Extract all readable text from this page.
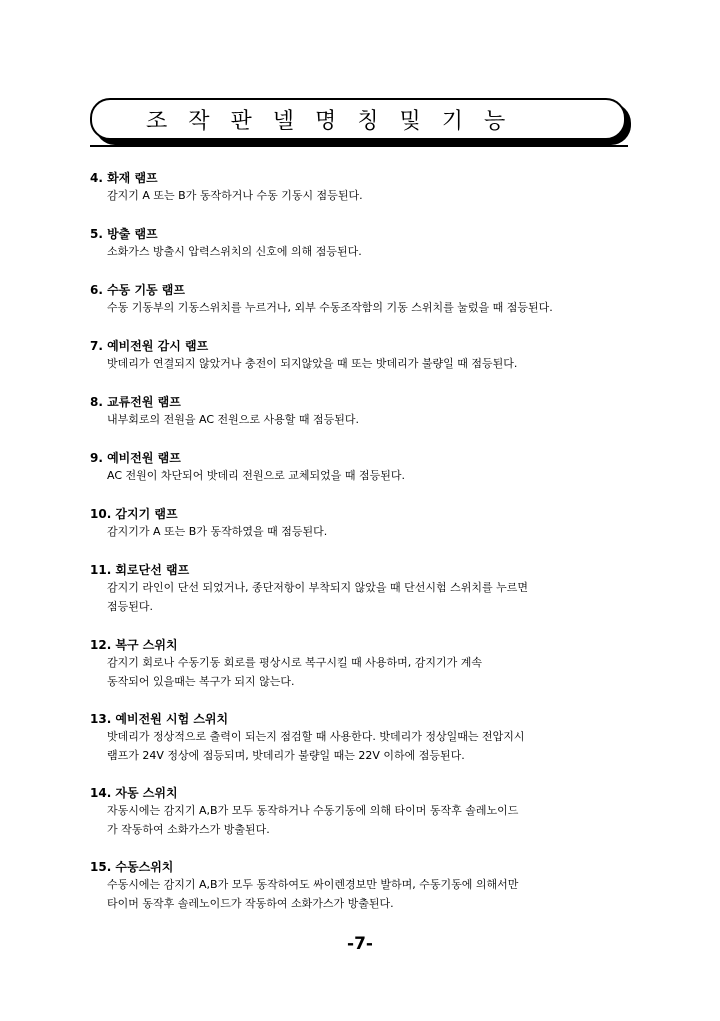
조 작 판 넬 명 칭 및 기 능
4. 화재 램프
감지기 A 또는 B가 동작하거나 수동 기동시 점등된다.
5. 방출 램프
소화가스 방출시 압력스위치의 신호에 의해 점등된다.
6. 수동 기동 램프
수동 기동부의 기동스위치를 누르거나, 외부 수동조작함의 기동 스위치를 눌렀을 때 점등된다.
7. 예비전원 감시 램프
밧데리가 연결되지 않았거나 충전이 되지않았을 때 또는 밧데리가 불량일 때 점등된다.
8. 교류전원 램프
내부회로의 전원을 AC 전원으로 사용할 때 점등된다.
9. 예비전원 램프
AC 전원이 차단되어 밧데리 전원으로 교체되었을 때 점등된다.
10. 감지기 램프
감지기가 A 또는 B가 동작하였을 때 점등된다.
11. 회로단선 램프
감지기 라인이 단선 되었거나, 종단저항이 부착되지 않았을 때 단선시험 스위치를 누르면
점등된다.
12. 복구 스위치
감지기 회로나 수동기동 회로를 평상시로 복구시킬 때 사용하며, 감지기가 계속
동작되어 있을때는 복구가 되지 않는다.
13. 예비전원 시험 스위치
밧데리가 정상적으로 출력이 되는지 점검할 때 사용한다. 밧데리가 정상일때는 전압지시
램프가 24V 정상에 점등되며, 밧데리가 불량일 때는 22V 이하에 점등된다.
14. 자동 스위치
자동시에는 감지기 A,B가 모두 동작하거나 수동기동에 의해 타이머 동작후 솔레노이드
가 작동하여 소화가스가 방출된다.
15. 수동스위치
수동시에는 감지기 A,B가 모두 동작하여도 싸이렌경보만 발하며, 수동기동에 의해서만
타이머 동작후 솔레노이드가 작동하여 소화가스가 방출된다.
-7-
